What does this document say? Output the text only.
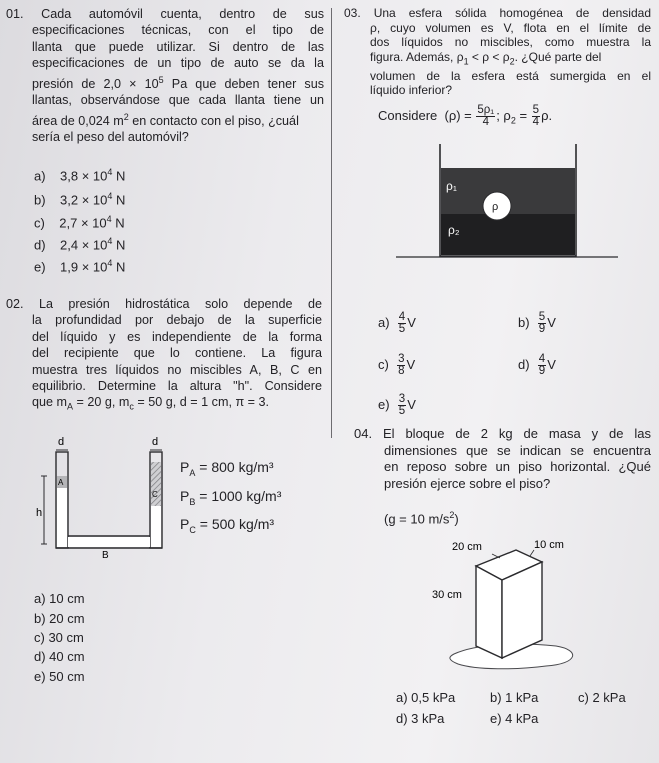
01. Cada automóvil cuenta, dentro de sus
especificaciones técnicas, con el tipo de
llanta que puede utilizar. Si dentro de las
especificaciones de un tipo de auto se da la
presión de $2,0 \times 10^5$ Pa que deben tener sus
llantas, observándose que cada llanta tiene un
área de 0,024 $m^2$ en contacto con el piso, ¿cuál
sería el peso del automóvil?
a) $3,8 \times 10^4$ N
b) $3,2 \times 10^4$ N
c) $2,7 \times 10^4$ N
d) $2,4 \times 10^4$ N
e) $1,9 \times 10^4$ N
02. La presión hidrostática solo depende de
la profundidad por debajo de la superficie
del líquido y es independiente de la forma
del recipiente que lo contiene. La figura
muestra tres líquidos no miscibles A, B, C en
equilibrio. Determine la altura "h". Considere
que $m_A = 20$ g, $m_c = 50$ g, d = 1 cm, π = 3.
d	d
A
C
h
B
$P_A = 800$ kg/m³
$P_B = 1000$ kg/m³
$P_C = 500$ kg/m³
a) 10 cm
b) 20 cm
c) 30 cm
d) 40 cm
e) 50 cm
03. Una esfera sólida homogénea de densidad
ρ, cuyo volumen es V, flota en el límite de
dos líquidos no miscibles, como muestra la
figura. Además, $\rho_1 < \rho < \rho_2$. ¿Qué parte del
volumen de la esfera está sumergida en el
líquido inferior?
Considere  $(\rho) = \frac{\text{5ρ₁}}{4}$ ; $\rho_2 = \frac{5}{4} \rho$.
ρ₁
ρ
ρ₂
$a) \frac{4}{5}$ V	$b) \frac{5}{9}$ V
$c) \frac{3}{8}$ V	$d) \frac{4}{9}$ V
$e) \frac{3}{5}$ V
04. El bloque de 2 kg de masa y de las
dimensiones que se indican se encuentra
en reposo sobre un piso horizontal. ¿Qué
presión ejerce sobre el piso?
(g = 10 $m/s^2$)
20 cm	10 cm
30 cm
a) 0,5 kPa	b) 1 kPa	c) 2 kPa
d) 3 kPa	e) 4 kPa
